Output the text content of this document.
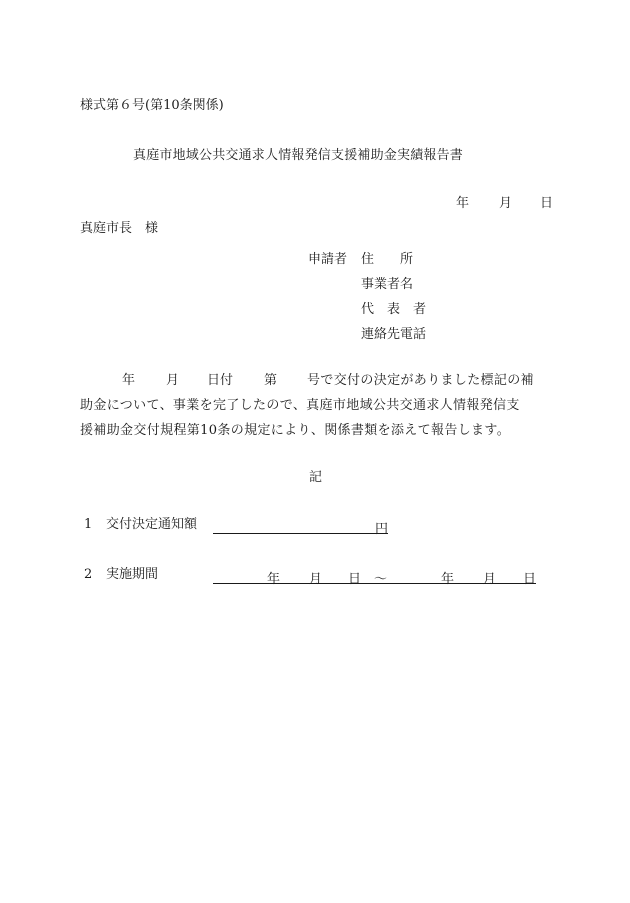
様式第６号(第10条関係)
真庭市地域公共交通求人情報発信支援補助金実績報告書
年 月 日
真庭市長　様
申請者 住　　所
事業者名
代　表　者
連絡先電話
年 月 日付 第 号で交付の決定がありました標記の補
助金について、事業を完了したので、真庭市地域公共交通求人情報発信支
援補助金交付規程第10条の規定により、関係書類を添えて報告します。
記
1 交付決定通知額	円
2 実施期間	年 月 日 ～	年 月 日
